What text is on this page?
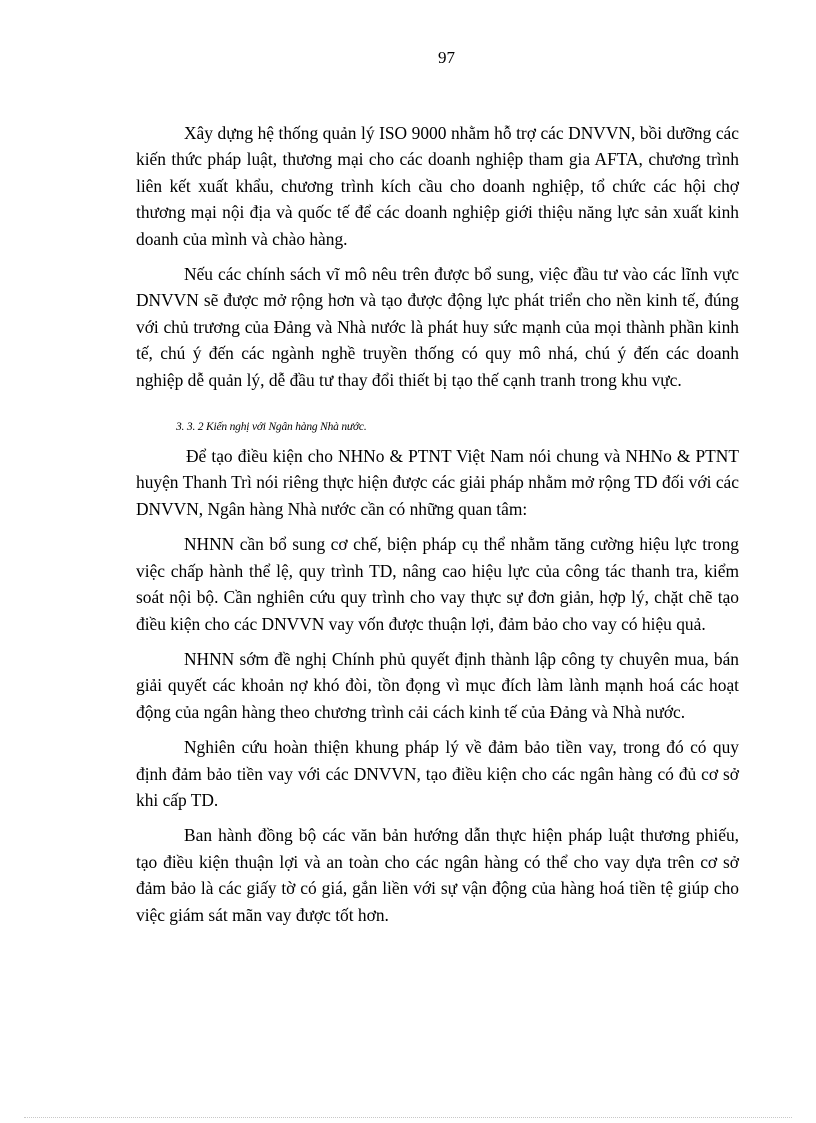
97

Xây dựng hệ thống quản lý ISO 9000 nhằm hỗ trợ các DNVVN, bồi dưỡng các kiến thức pháp luật, thương mại cho các doanh nghiệp tham gia AFTA, chương trình liên kết xuất khẩu, chương trình kích cầu cho doanh nghiệp, tổ chức các hội chợ thương mại nội địa và quốc tế để các doanh nghiệp giới thiệu năng lực sản xuất kinh doanh của mình và chào hàng.

Nếu các chính sách vĩ mô nêu trên được bổ sung, việc đầu tư vào các lĩnh vực DNVVN sẽ được mở rộng hơn và tạo được động lực phát triển cho nền kinh tế, đúng với chủ trương của Đảng và Nhà nước là phát huy sức mạnh của mọi thành phần kinh tế, chú ý đến các ngành nghề truyền thống có quy mô nhá, chú ý đến các doanh nghiệp dễ quản lý, dễ đầu tư thay đổi thiết bị tạo thế cạnh tranh trong khu vực.

3. 3. 2 Kiến nghị với Ngân hàng Nhà nước.

Để tạo điều kiện cho NHNo & PTNT Việt Nam nói chung và NHNo & PTNT huyện Thanh Trì nói riêng thực hiện được các giải pháp nhằm mở rộng TD đối với các DNVVN, Ngân hàng Nhà nước cần có những quan tâm:

NHNN cần bổ sung cơ chế, biện pháp cụ thể nhằm tăng cường hiệu lực trong việc chấp hành thể lệ, quy trình TD, nâng cao hiệu lực của công tác thanh tra, kiểm soát nội bộ. Cần nghiên cứu quy trình cho vay thực sự đơn giản, hợp lý, chặt chẽ tạo điều kiện cho các DNVVN vay vốn được thuận lợi, đảm bảo cho vay có hiệu quả.

NHNN sớm đề nghị Chính phủ quyết định thành lập công ty chuyên mua, bán giải quyết các khoản nợ khó đòi, tồn đọng vì mục đích làm lành mạnh hoá các hoạt động của ngân hàng theo chương trình cải cách kinh tế của Đảng và Nhà nước.

Nghiên cứu hoàn thiện khung pháp lý về đảm bảo tiền vay, trong đó có quy định đảm bảo tiền vay với các DNVVN, tạo điều kiện cho các ngân hàng có đủ cơ sở khi cấp TD.

Ban hành đồng bộ các văn bản hướng dẫn thực hiện pháp luật thương phiếu, tạo điều kiện thuận lợi và an toàn cho các ngân hàng có thể cho vay dựa trên cơ sở đảm bảo là các giấy tờ có giá, gắn liền với sự vận động của hàng hoá tiền tệ giúp cho việc giám sát mãn vay được tốt hơn.
